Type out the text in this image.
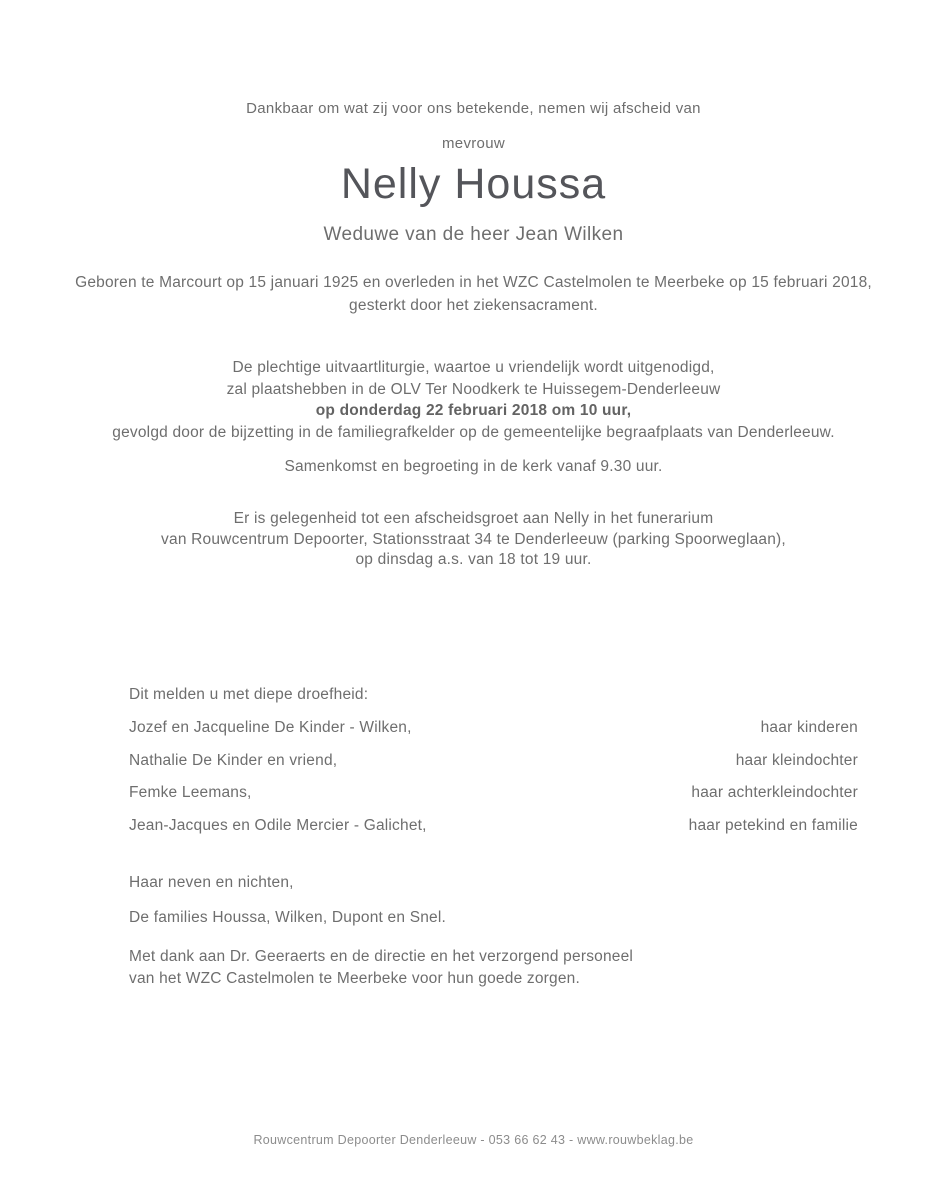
Dankbaar om wat zij voor ons betekende, nemen wij afscheid van
mevrouw
Nelly Houssa
Weduwe van de heer Jean Wilken
Geboren te Marcourt op 15 januari 1925 en overleden in het WZC Castelmolen te Meerbeke op 15 februari 2018,
gesterkt door het ziekensacrament.
De plechtige uitvaartliturgie, waartoe u vriendelijk wordt uitgenodigd,
zal plaatshebben in de OLV Ter Noodkerk te Huissegem-Denderleeuw
op donderdag 22 februari 2018 om 10 uur,
gevolgd door de bijzetting in de familiegrafkelder op de gemeentelijke begraafplaats van Denderleeuw.
Samenkomst en begroeting in de kerk vanaf 9.30 uur.
Er is gelegenheid tot een afscheidsgroet aan Nelly in het funerarium
van Rouwcentrum Depoorter, Stationsstraat 34 te Denderleeuw (parking Spoorweglaan),
op dinsdag a.s. van 18 tot 19 uur.
Dit melden u met diepe droefheid:
Jozef en Jacqueline De Kinder - Wilken,	haar kinderen
Nathalie De Kinder en vriend,	haar kleindochter
Femke Leemans,	haar achterkleindochter
Jean-Jacques en Odile Mercier - Galichet,	haar petekind en familie
Haar neven en nichten,
De families Houssa, Wilken, Dupont en Snel.
Met dank aan Dr. Geeraerts en de directie en het verzorgend personeel
van het WZC Castelmolen te Meerbeke voor hun goede zorgen.
Rouwcentrum Depoorter Denderleeuw - 053 66 62 43 - www.rouwbeklag.be
